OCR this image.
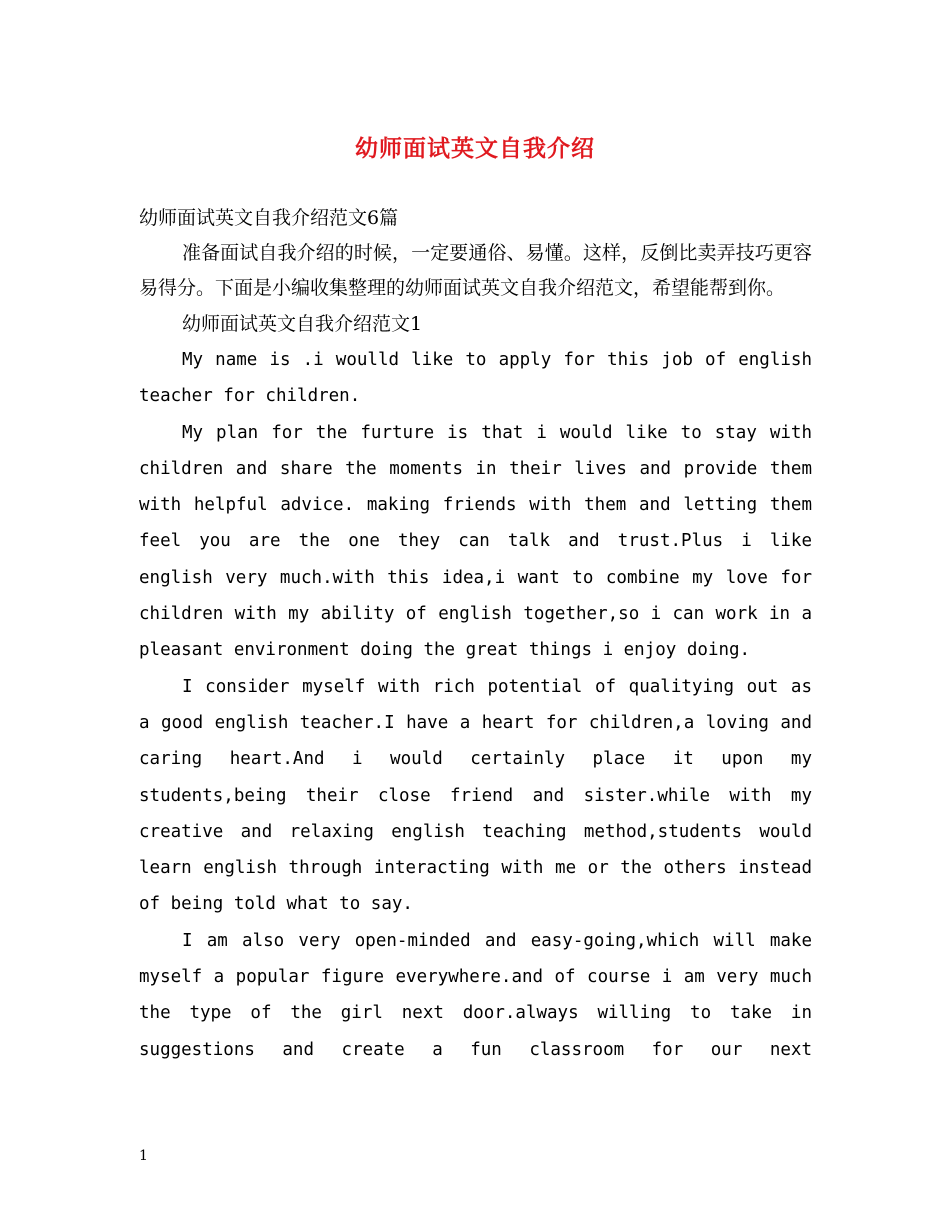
幼师面试英文自我介绍

幼师面试英文自我介绍范文6篇

准备面试自我介绍的时候，一定要通俗、易懂。这样，反倒比卖弄技巧更容易得分。下面是小编收集整理的幼师面试英文自我介绍范文，希望能帮到你。

幼师面试英文自我介绍范文1

My name is .i woulld like to apply for this job of english teacher for children.

My plan for the furture is that i would like to stay with children and share the moments in their lives and provide them with helpful advice. making friends with them and letting them feel you are the one they can talk and trust.Plus i like english very much.with this idea,i want to combine my love for children with my ability of english together,so i can work in a pleasant environment doing the great things i enjoy doing.

I consider myself with rich potential of qualitying out as a good english teacher.I have a heart for children,a loving and caring heart.And i would certainly place it upon my students,being their close friend and sister.while with my creative and relaxing english teaching method,students would learn english through interacting with me or the others instead of being told what to say.

I am also very open-minded and easy-going,which will make myself a popular figure everywhere.and of course i am very much the type of the girl next door.always willing to take in suggestions and create a fun classroom for our next

1
